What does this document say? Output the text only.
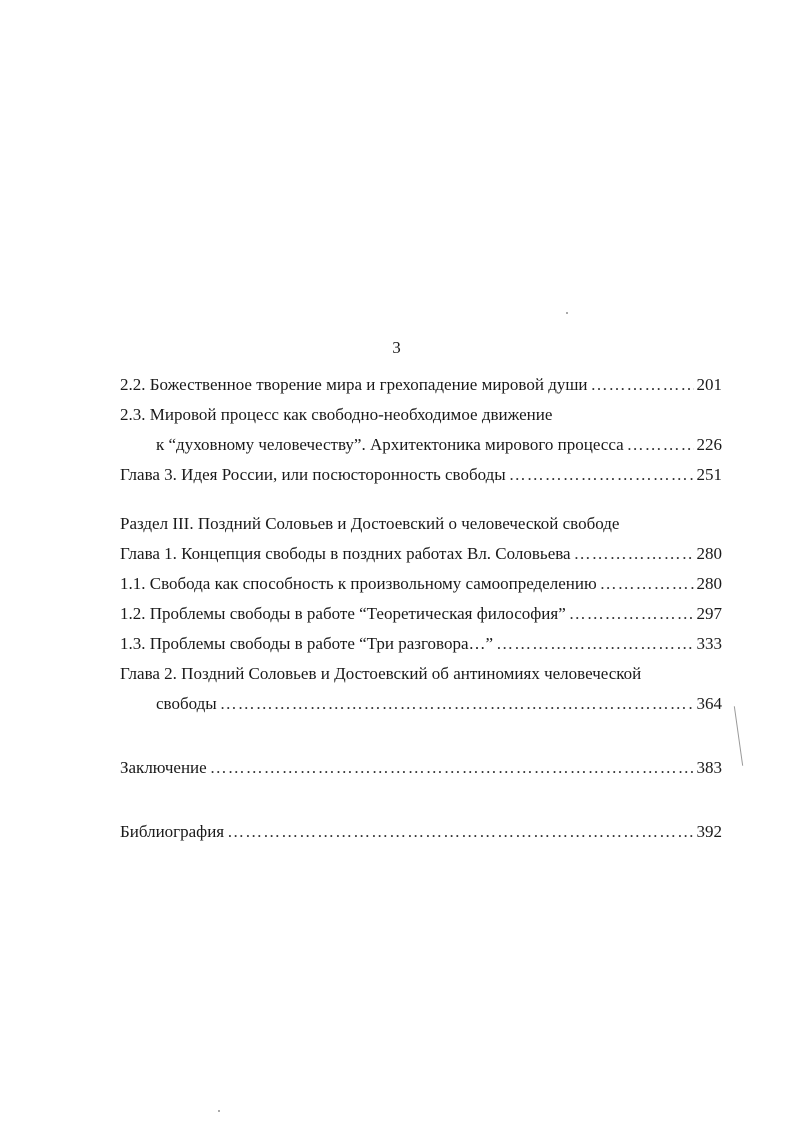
3
2.2. Божественное творение мира и грехопадение мировой души …………………………………………………………………………………………………………………………………………………………………………………………	201
2.3. Мировой процесс как свободно-необходимое движение
к “духовному человечеству”. Архитектоника мирового процесса …………………………………………………………………………………………………………………………………………………………………………………………	226
Глава 3. Идея России, или посюсторонность свободы …………………………………………………………………………………………………………………………………………………………………………………………	251
Раздел III. Поздний Соловьев и Достоевский о человеческой свободе
Глава 1. Концепция свободы в поздних работах Вл. Соловьева …………………………………………………………………………………………………………………………………………………………………………………………	280
1.1. Свобода как способность к произвольному самоопределению …………………………………………………………………………………………………………………………………………………………………………………………	280
1.2. Проблемы свободы в работе “Теоретическая философия” …………………………………………………………………………………………………………………………………………………………………………………………	297
1.3. Проблемы свободы в работе “Три разговора…” …………………………………………………………………………………………………………………………………………………………………………………………	333
Глава 2. Поздний Соловьев и Достоевский об антиномиях человеческой
свободы …………………………………………………………………………………………………………………………………………………………………………………………	364
Заключение …………………………………………………………………………………………………………………………………………………………………………………………	383
Библиография …………………………………………………………………………………………………………………………………………………………………………………………	392
